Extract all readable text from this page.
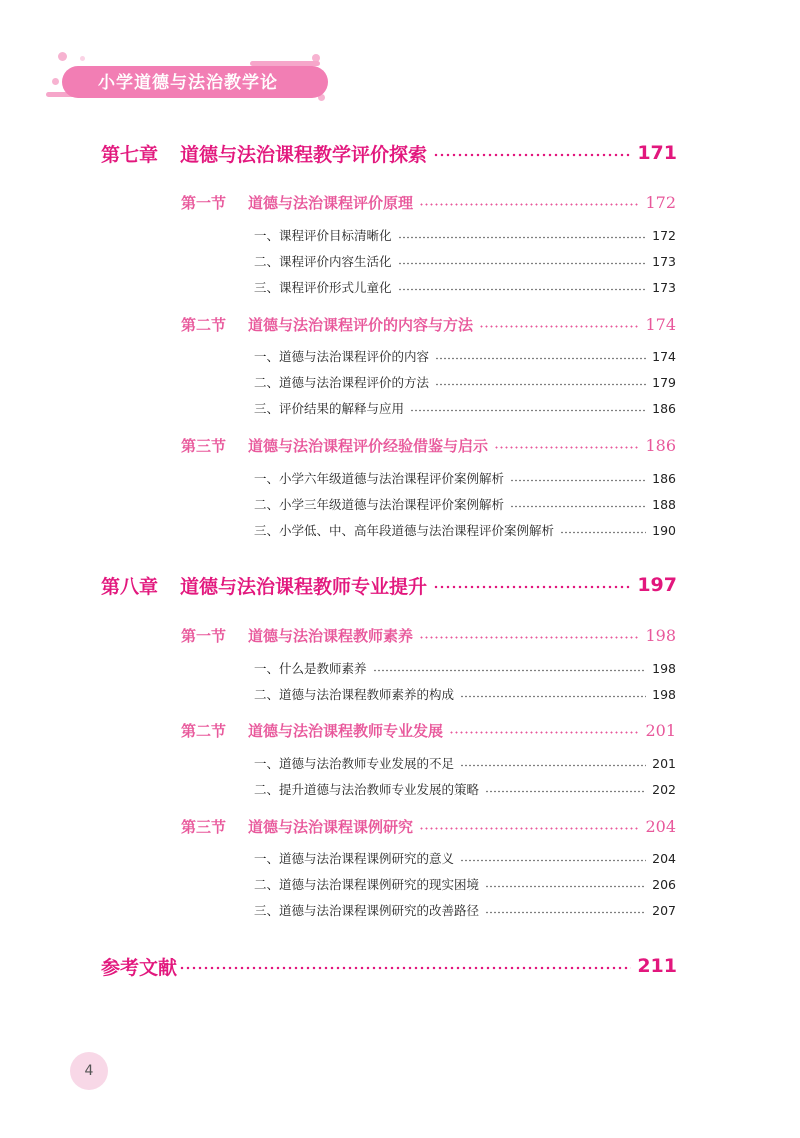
小学道德与法治教学论
第七章 道德与法治课程教学评价探索	171
第一节 道德与法治课程评价原理	172
一、课程评价目标清晰化	172
二、课程评价内容生活化	173
三、课程评价形式儿童化	173
第二节 道德与法治课程评价的内容与方法	174
一、道德与法治课程评价的内容	174
二、道德与法治课程评价的方法	179
三、评价结果的解释与应用	186
第三节 道德与法治课程评价经验借鉴与启示	186
一、小学六年级道德与法治课程评价案例解析	186
二、小学三年级道德与法治课程评价案例解析	188
三、小学低、中、高年段道德与法治课程评价案例解析	190
第八章 道德与法治课程教师专业提升	197
第一节 道德与法治课程教师素养	198
一、什么是教师素养	198
二、道德与法治课程教师素养的构成	198
第二节 道德与法治课程教师专业发展	201
一、道德与法治教师专业发展的不足	201
二、提升道德与法治教师专业发展的策略	202
第三节 道德与法治课程课例研究	204
一、道德与法治课程课例研究的意义	204
二、道德与法治课程课例研究的现实困境	206
三、道德与法治课程课例研究的改善路径	207
参考文献	211
4
